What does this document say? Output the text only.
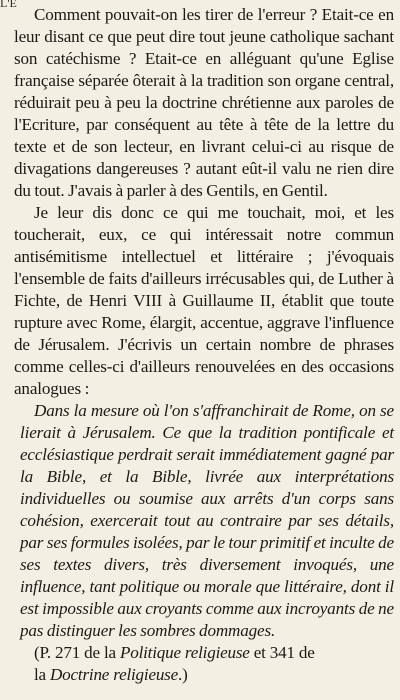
L'E

Comment pouvait-on les tirer de l'erreur ? Etait-ce en leur disant ce que peut dire tout jeune catholique sachant son catéchisme ? Etait-ce en alléguant qu'une Eglise française séparée ôterait à la tradition son organe central, réduirait peu à peu la doctrine chrétienne aux paroles de l'Ecriture, par conséquent au tête à tête de la lettre du texte et de son lecteur, en livrant celui-ci au risque de divagations dangereuses ? autant eût-il valu ne rien dire du tout. J'avais à parler à des Gentils, en Gentil.

Je leur dis donc ce qui me touchait, moi, et les toucherait, eux, ce qui intéressait notre commun antisémitisme intellectuel et littéraire ; j'évoquais l'ensemble de faits d'ailleurs irrécusables qui, de Luther à Fichte, de Henri VIII à Guillaume II, établit que toute rupture avec Rome, élargit, accentue, aggrave l'influence de Jérusalem. J'écrivis un certain nombre de phrases comme celles-ci d'ailleurs renouvelées en des occasions analogues :

Dans la mesure où l'on s'affranchirait de Rome, on se lierait à Jérusalem. Ce que la tradition pontificale et ecclésiastique perdrait serait immédiatement gagné par la Bible, et la Bible, livrée aux interprétations individuelles ou soumise aux arrêts d'un corps sans cohésion, exercerait tout au contraire par ses détails, par ses formules isolées, par le tour primitif et inculte de ses textes divers, très diversement invoqués, une influence, tant politique ou morale que littéraire, dont il est impossible aux croyants comme aux incroyants de ne pas distinguer les sombres dommages.

(P. 271 de la Politique religieuse et 341 de
la Doctrine religieuse.)
